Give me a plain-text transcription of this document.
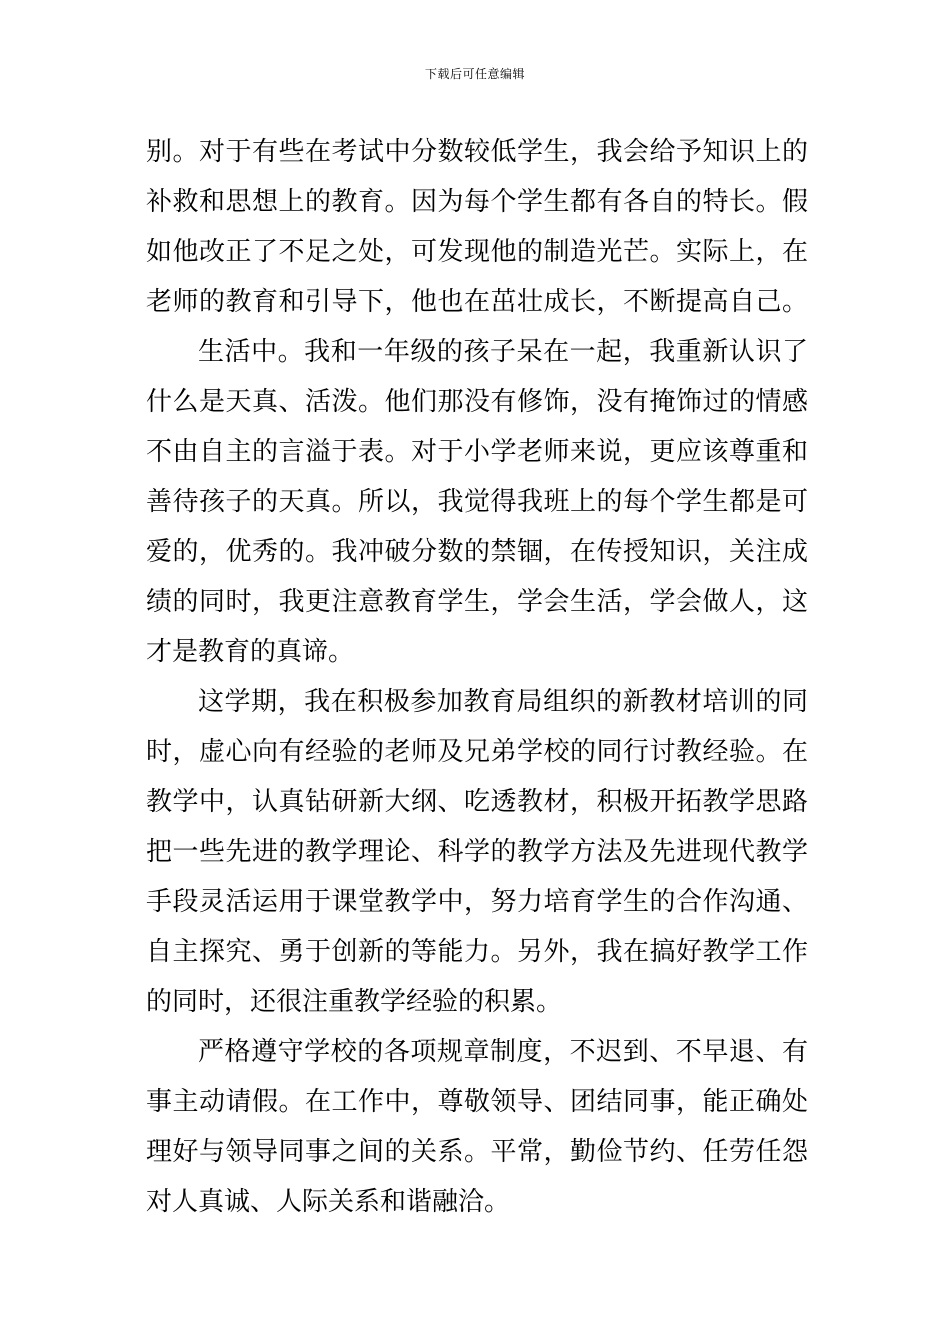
下载后可任意编辑
别。对于有些在考试中分数较低学生，我会给予知识上的
补救和思想上的教育。因为每个学生都有各自的特长。假
如他改正了不足之处，可发现他的制造光芒。实际上，在
老师的教育和引导下，他也在茁壮成长，不断提高自己。
生活中。我和一年级的孩子呆在一起，我重新认识了
什么是天真、活泼。他们那没有修饰，没有掩饰过的情感
不由自主的言溢于表。对于小学老师来说，更应该尊重和
善待孩子的天真。所以，我觉得我班上的每个学生都是可
爱的，优秀的。我冲破分数的禁锢，在传授知识，关注成
绩的同时，我更注意教育学生，学会生活，学会做人，这
才是教育的真谛。
这学期，我在积极参加教育局组织的新教材培训的同
时，虚心向有经验的老师及兄弟学校的同行讨教经验。在
教学中，认真钻研新大纲、吃透教材，积极开拓教学思路
把一些先进的教学理论、科学的教学方法及先进现代教学
手段灵活运用于课堂教学中，努力培育学生的合作沟通、
自主探究、勇于创新的等能力。另外，我在搞好教学工作
的同时，还很注重教学经验的积累。
严格遵守学校的各项规章制度，不迟到、不早退、有
事主动请假。在工作中，尊敬领导、团结同事，能正确处
理好与领导同事之间的关系。平常，勤俭节约、任劳任怨
对人真诚、人际关系和谐融洽。
